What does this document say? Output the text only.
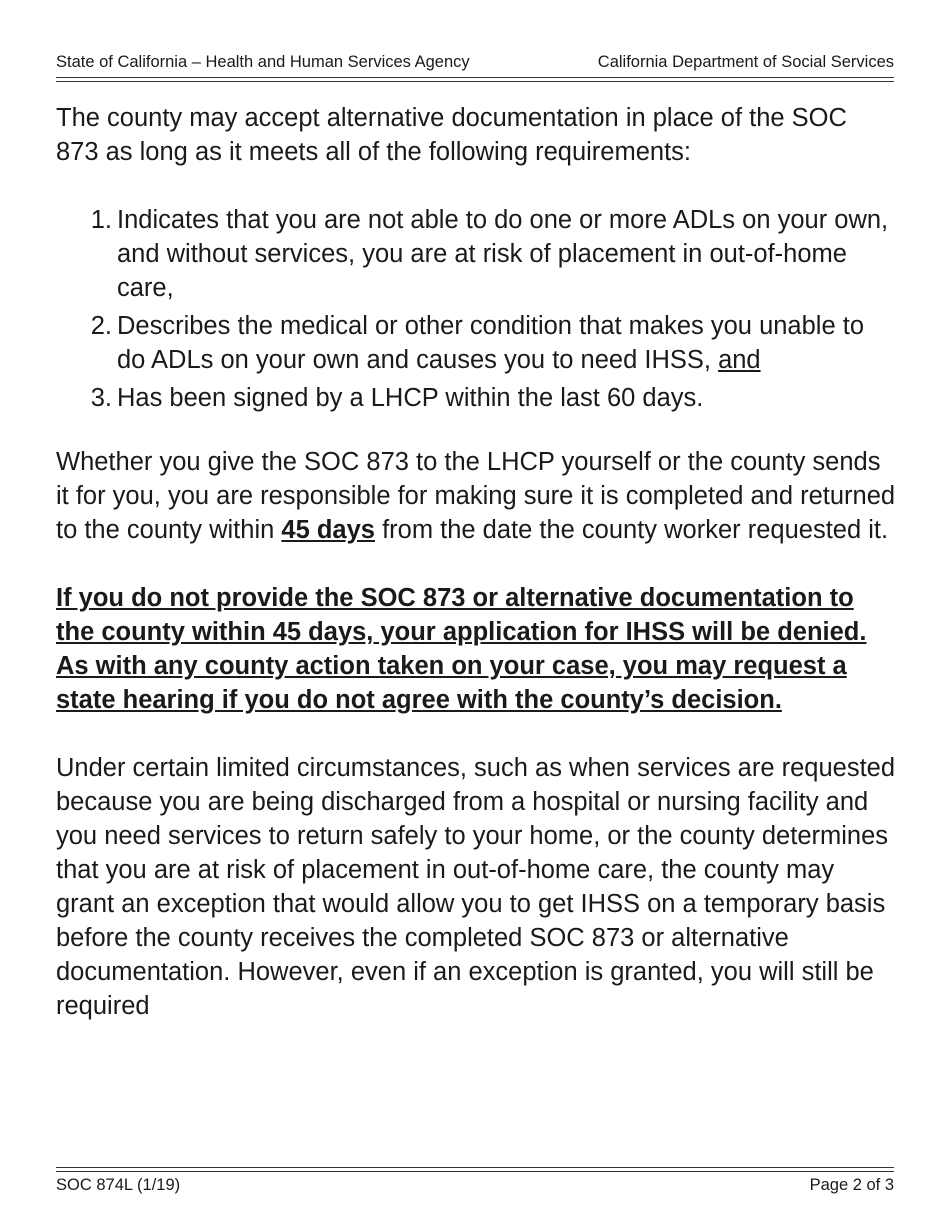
State of California – Health and Human Services Agency	California Department of Social Services

The county may accept alternative documentation in place of the SOC 873 as long as it meets all of the following requirements:

1. Indicates that you are not able to do one or more ADLs on your own, and without services, you are at risk of placement in out-of-home care,
2. Describes the medical or other condition that makes you unable to do ADLs on your own and causes you to need IHSS, and
3. Has been signed by a LHCP within the last 60 days.

Whether you give the SOC 873 to the LHCP yourself or the county sends it for you, you are responsible for making sure it is completed and returned to the county within 45 days from the date the county worker requested it.

If you do not provide the SOC 873 or alternative documentation to the county within 45 days, your application for IHSS will be denied. As with any county action taken on your case, you may request a state hearing if you do not agree with the county’s decision.

Under certain limited circumstances, such as when services are requested because you are being discharged from a hospital or nursing facility and you need services to return safely to your home, or the county determines that you are at risk of placement in out-of-home care, the county may grant an exception that would allow you to get IHSS on a temporary basis before the county receives the completed SOC 873 or alternative documentation. However, even if an exception is granted, you will still be required

SOC 874L (1/19)	Page 2 of 3
